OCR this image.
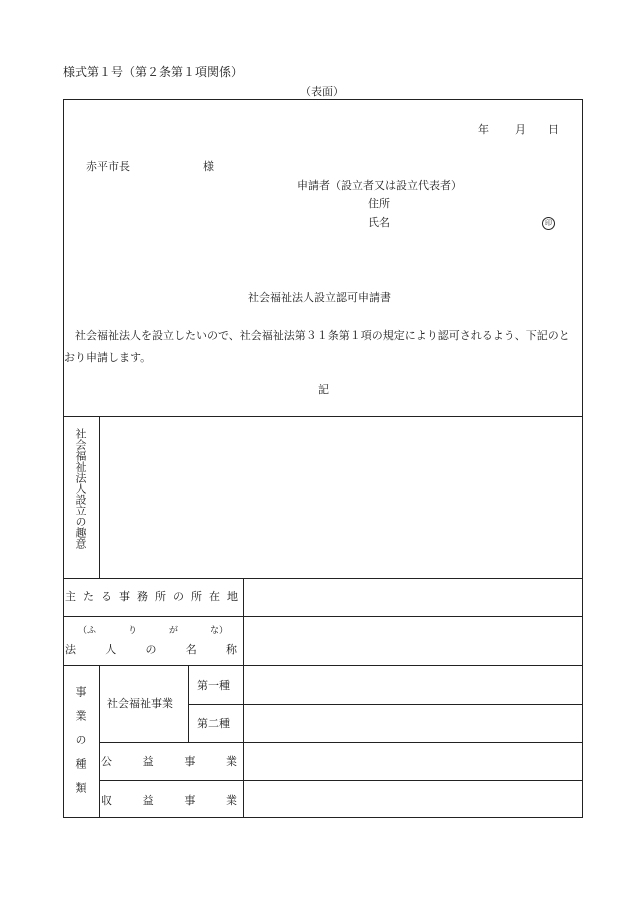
様式第１号（第２条第１項関係）
（表面）
年 月 日
赤平市長	様
申請者（設立者又は設立代表者）
住所
氏名	印
社会福祉法人設立認可申請書
社会福祉法人を設立したいので、社会福祉法第３１条第１項の規定により認可されるよう、下記のとおり申請します。
記
社会福祉法人設立の趣意
主 た る 事 務 所 の 所 在 地
（ふ	り	が	な）
法	人	の	名	称
事業の種類 社会福祉事業
第一種
第二種
公	益	事	業
収	益	事	業
